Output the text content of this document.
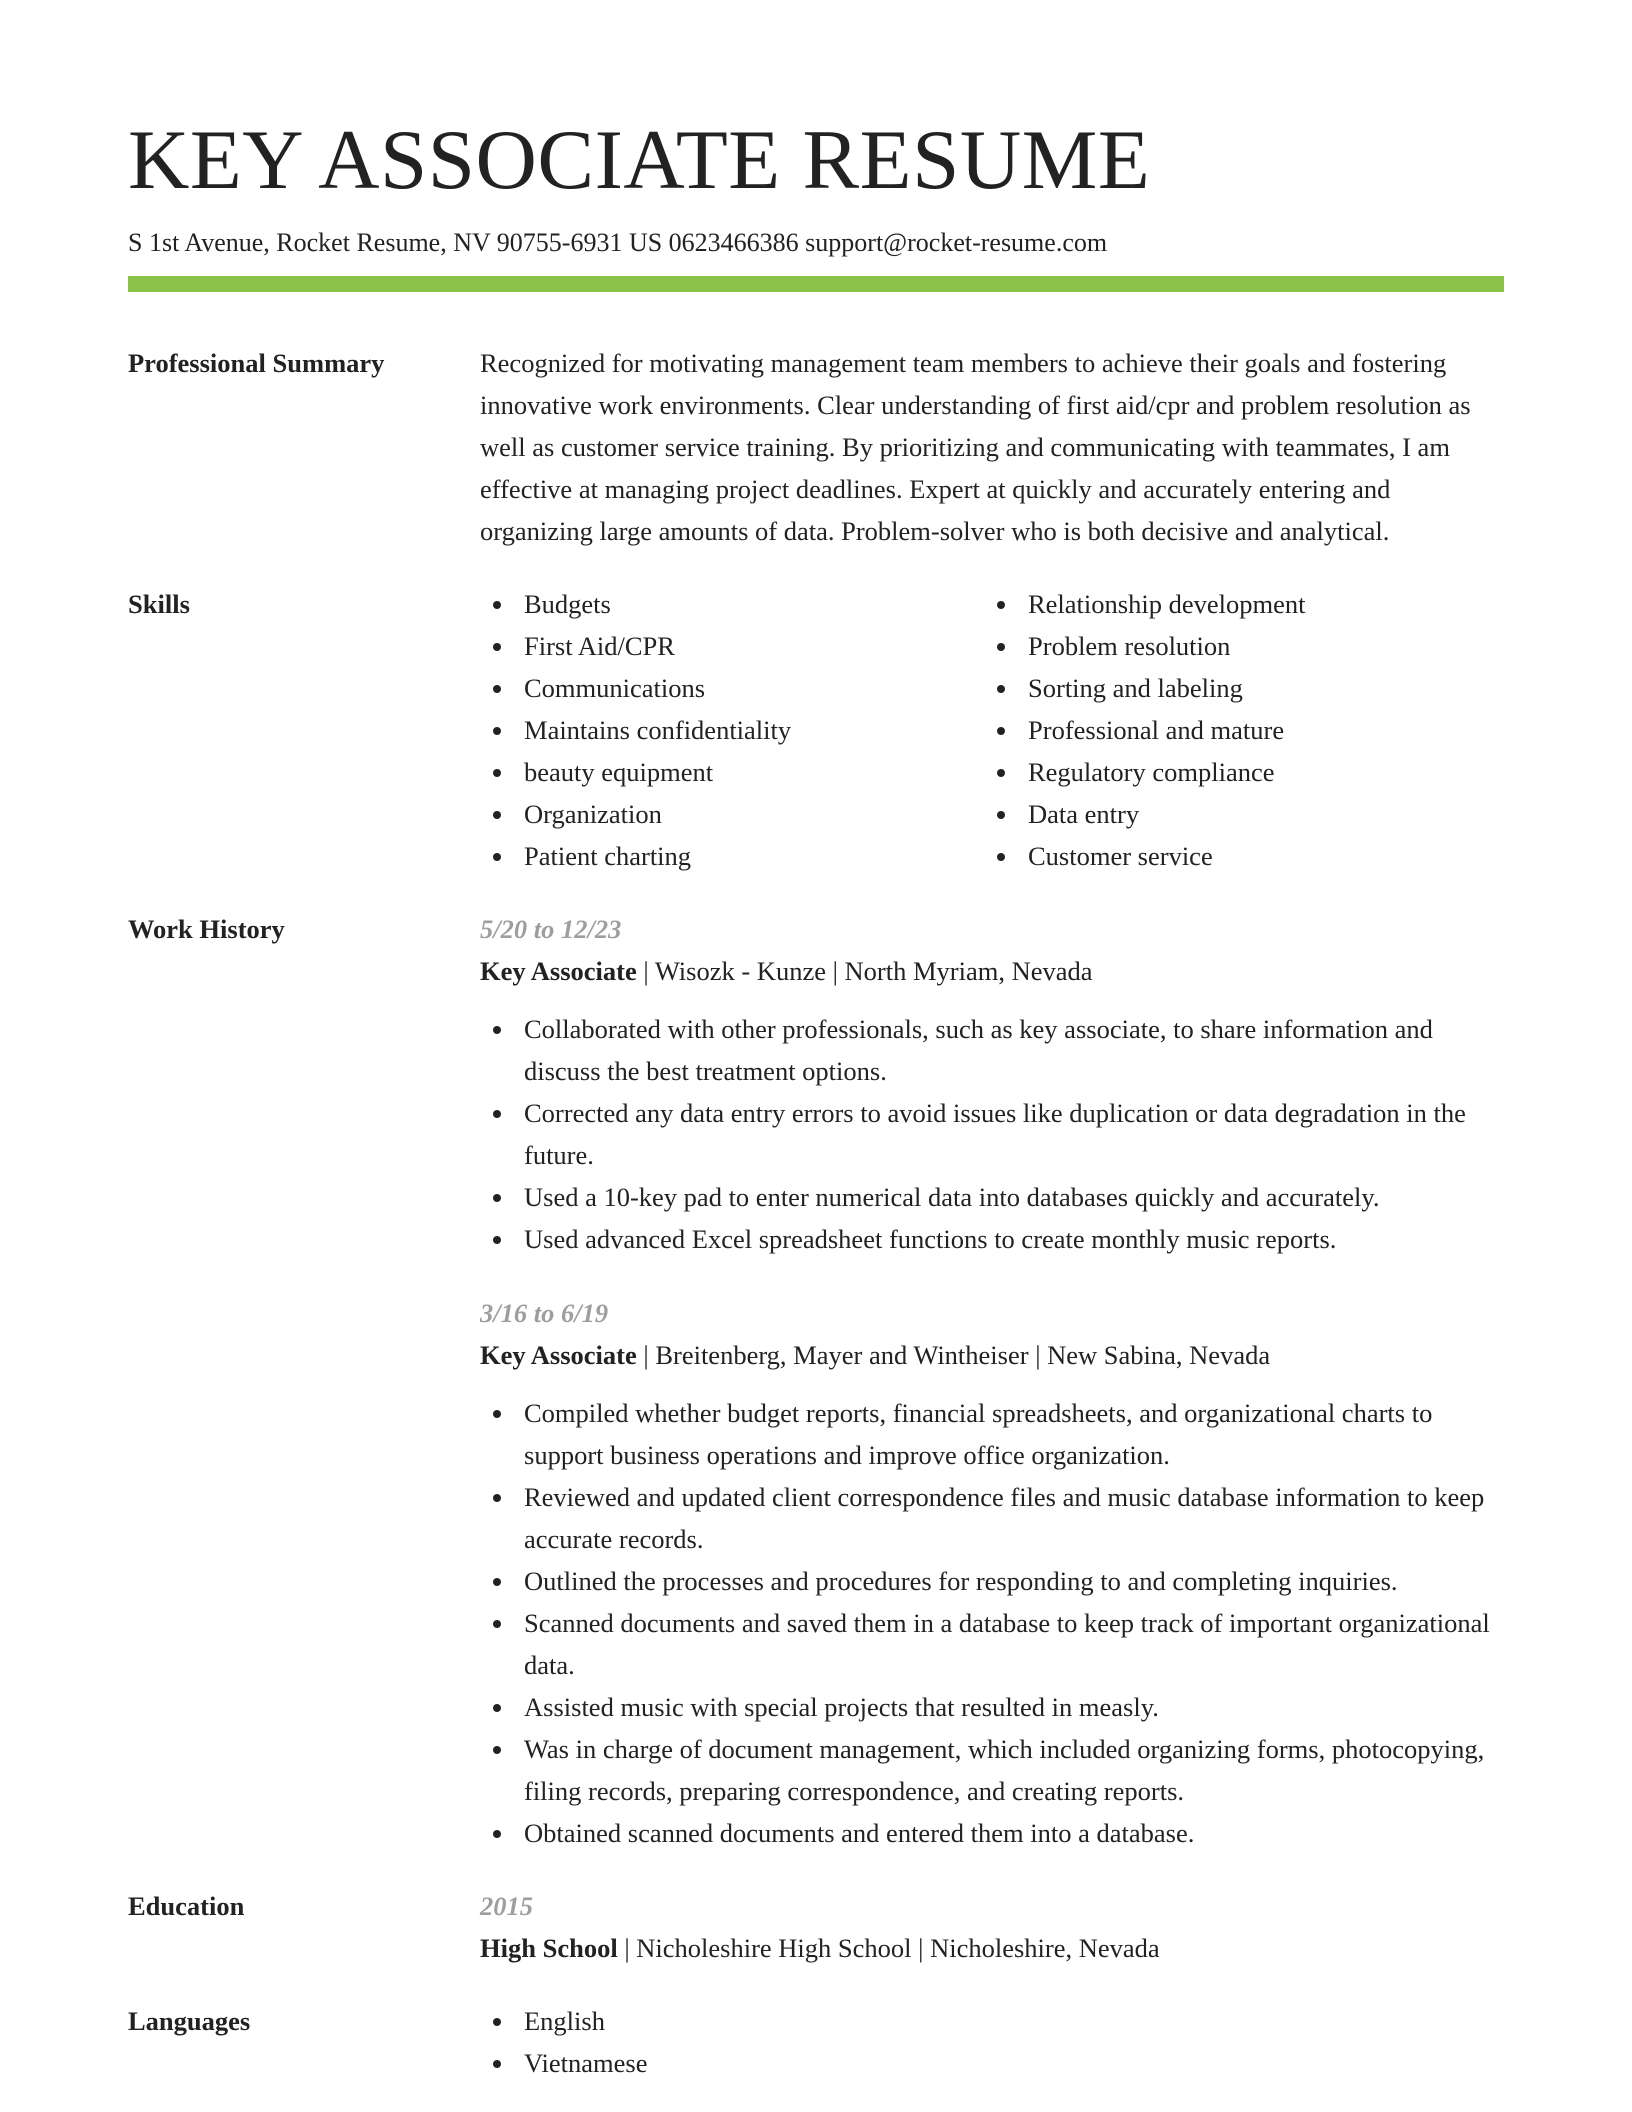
KEY ASSOCIATE RESUME
S 1st Avenue, Rocket Resume, NV 90755-6931 US 0623466386 support@rocket-resume.com
Professional Summary	Recognized for motivating management team members to achieve their goals and fostering innovative work environments. Clear understanding of first aid/cpr and problem resolution as well as customer service training. By prioritizing and communicating with teammates, I am effective at managing project deadlines. Expert at quickly and accurately entering and organizing large amounts of data. Problem-solver who is both decisive and analytical.

Skills	Budgets
First Aid/CPR
Communications
Maintains confidentiality
beauty equipment
Organization
Patient charting
Relationship development
Problem resolution
Sorting and labeling
Professional and mature
Regulatory compliance
Data entry
Customer service
Work History	5/20 to 12/23
Key Associate | Wisozk - Kunze | North Myriam, Nevada
Collaborated with other professionals, such as key associate, to share information and discuss the best treatment options.
Corrected any data entry errors to avoid issues like duplication or data degradation in the future.
Used a 10-key pad to enter numerical data into databases quickly and accurately.
Used advanced Excel spreadsheet functions to create monthly music reports.
3/16 to 6/19
Key Associate | Breitenberg, Mayer and Wintheiser | New Sabina, Nevada
Compiled whether budget reports, financial spreadsheets, and organizational charts to support business operations and improve office organization.
Reviewed and updated client correspondence files and music database information to keep accurate records.
Outlined the processes and procedures for responding to and completing inquiries.
Scanned documents and saved them in a database to keep track of important organizational data.
Assisted music with special projects that resulted in measly.
Was in charge of document management, which included organizing forms, photocopying, filing records, preparing correspondence, and creating reports.
Obtained scanned documents and entered them into a database.
Education	2015
High School | Nicholeshire High School | Nicholeshire, Nevada
Languages	English
Vietnamese
